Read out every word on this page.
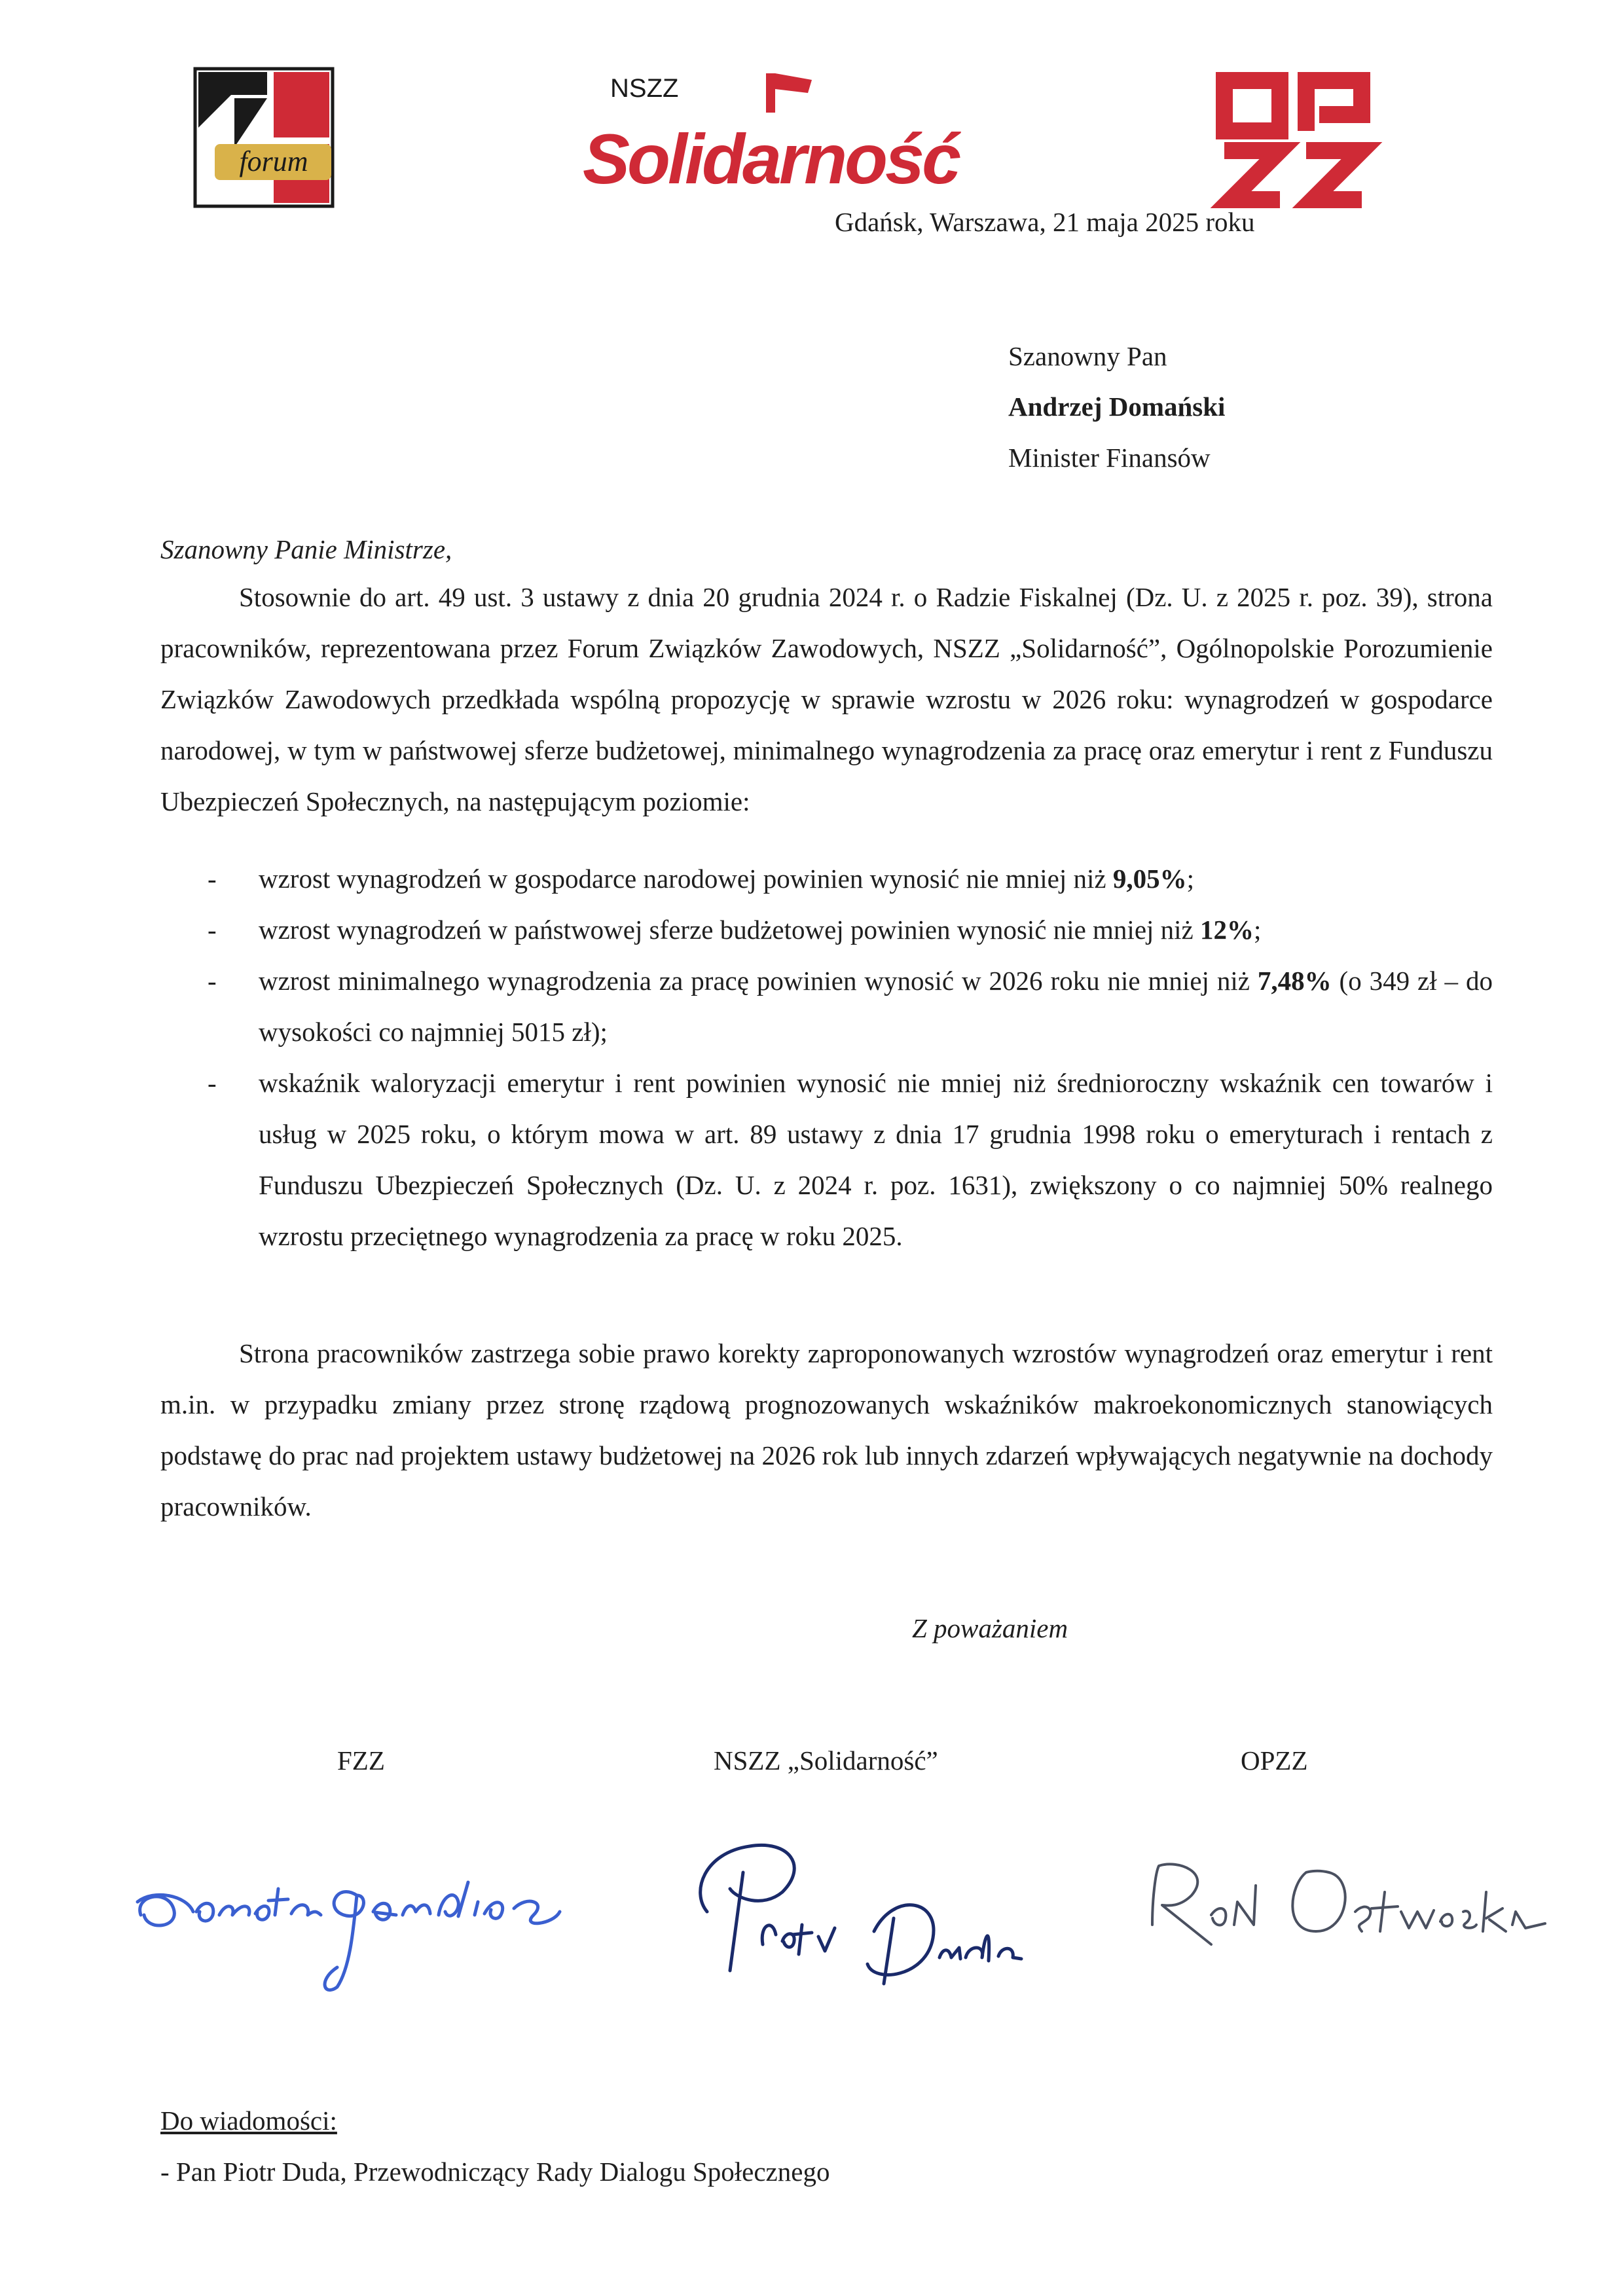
forum
NSZZ
Solidarność
Gdańsk, Warszawa, 21 maja 2025 roku
Szanowny Pan
Andrzej Domański
Minister Finansów
Szanowny Panie Ministrze,
Stosownie do art. 49 ust. 3 ustawy z dnia 20 grudnia 2024 r. o Radzie Fiskalnej (Dz. U. z 2025 r. poz. 39), strona pracowników, reprezentowana przez Forum Związków Zawodowych, NSZZ „Solidarność”, Ogólnopolskie Porozumienie Związków Zawodowych przedkłada wspólną propozycję w sprawie wzrostu w 2026 roku: wynagrodzeń w gospodarce narodowej, w tym w państwowej sferze budżetowej, minimalnego wynagrodzenia za pracę oraz emerytur i rent z Funduszu Ubezpieczeń Społecznych, na następującym poziomie:
- wzrost wynagrodzeń w gospodarce narodowej powinien wynosić nie mniej niż 9,05%;
- wzrost wynagrodzeń w państwowej sferze budżetowej powinien wynosić nie mniej niż 12%;
- wzrost minimalnego wynagrodzenia za pracę powinien wynosić w 2026 roku nie mniej niż 7,48% (o 349 zł – do wysokości co najmniej 5015 zł);
- wskaźnik waloryzacji emerytur i rent powinien wynosić nie mniej niż średnioroczny wskaźnik cen towarów i usług w 2025 roku, o którym mowa w art. 89 ustawy z dnia 17 grudnia 1998 roku o emeryturach i rentach z Funduszu Ubezpieczeń Społecznych (Dz. U. z 2024 r. poz. 1631), zwiększony o co najmniej 50% realnego wzrostu przeciętnego wynagrodzenia za pracę w roku 2025.
Strona pracowników zastrzega sobie prawo korekty zaproponowanych wzrostów wynagrodzeń oraz emerytur i rent m.in. w przypadku zmiany przez stronę rządową prognozowanych wskaźników makroekonomicznych stanowiących podstawę do prac nad projektem ustawy budżetowej na 2026 rok lub innych zdarzeń wpływających negatywnie na dochody pracowników.
Z poważaniem
FZZ	NSZZ „Solidarność”	OPZZ
Do wiadomości:
- Pan Piotr Duda, Przewodniczący Rady Dialogu Społecznego
